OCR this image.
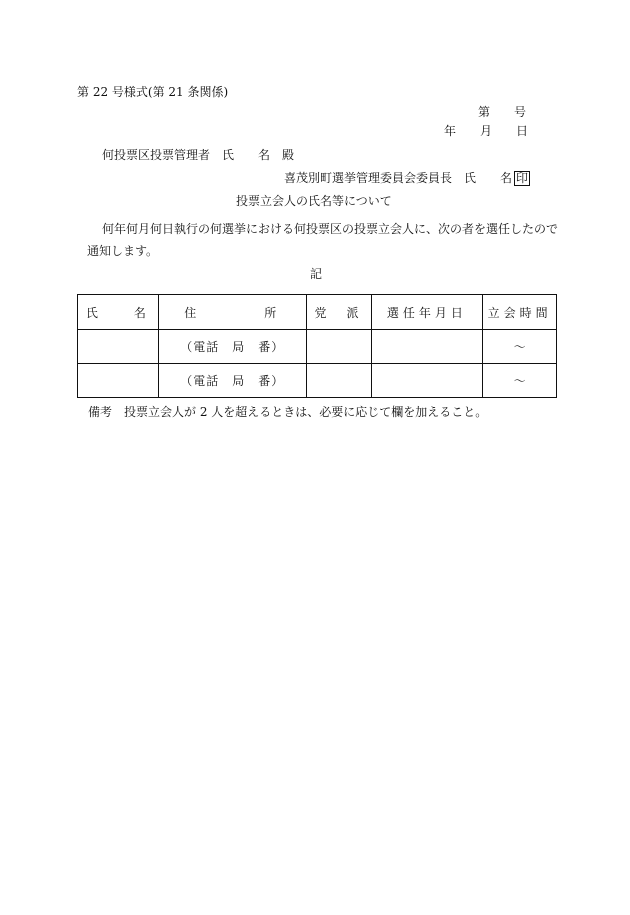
第 22 号様式(第 21 条関係)
第　　号
年　　月　　日
何投票区投票管理者　氏　　名　殿
喜茂別町選挙管理委員会委員長　氏　　名 印
投票立会人の氏名等について
何年何月何日執行の何選挙における何投票区の投票立会人に、次の者を選任したので
通知します。
記
氏　　名	住　　　　所	党　派	選任年月日	立会時間
	（電話　局　番）			～
	（電話　局　番）			～
備考　投票立会人が 2 人を超えるときは、必要に応じて欄を加えること。
